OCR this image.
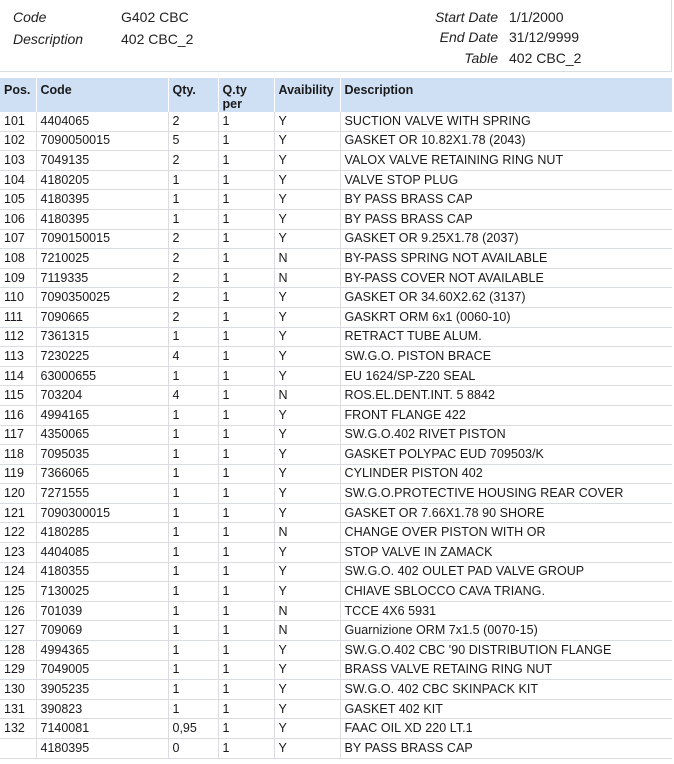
Code	G402 CBC
Description	402 CBC_2
Start Date 1/1/2000
End Date 31/12/9999
Table 402 CBC_2
Pos.	Code	Qty.	Q.ty per	Avaibility	Description
101	4404065	2	1	Y	SUCTION VALVE WITH SPRING
102	7090050015	5	1	Y	GASKET OR 10.82X1.78 (2043)
103	7049135	2	1	Y	VALOX VALVE RETAINING RING NUT
104	4180205	1	1	Y	VALVE STOP PLUG
105	4180395	1	1	Y	BY PASS BRASS CAP
106	4180395	1	1	Y	BY PASS BRASS CAP
107	7090150015	2	1	Y	GASKET OR 9.25X1.78 (2037)
108	7210025	2	1	N	BY-PASS SPRING NOT AVAILABLE
109	7119335	2	1	N	BY-PASS COVER NOT AVAILABLE
110	7090350025	2	1	Y	GASKET OR 34.60X2.62 (3137)
111	7090665	2	1	Y	GASKRT ORM 6x1 (0060-10)
112	7361315	1	1	Y	RETRACT TUBE ALUM.
113	7230225	4	1	Y	SW.G.O. PISTON BRACE
114	63000655	1	1	Y	EU 1624/SP-Z20 SEAL
115	703204	4	1	N	ROS.EL.DENT.INT. 5 8842
116	4994165	1	1	Y	FRONT FLANGE 422
117	4350065	1	1	Y	SW.G.O.402 RIVET PISTON
118	7095035	1	1	Y	GASKET POLYPAC EUD 709503/K
119	7366065	1	1	Y	CYLINDER PISTON 402
120	7271555	1	1	Y	SW.G.O.PROTECTIVE HOUSING REAR COVER
121	7090300015	1	1	Y	GASKET OR 7.66X1.78 90 SHORE
122	4180285	1	1	N	CHANGE OVER PISTON WITH OR
123	4404085	1	1	Y	STOP VALVE IN ZAMACK
124	4180355	1	1	Y	SW.G.O. 402 OULET PAD VALVE GROUP
125	7130025	1	1	Y	CHIAVE SBLOCCO CAVA TRIANG.
126	701039	1	1	N	TCCE 4X6 5931
127	709069	1	1	N	Guarnizione ORM 7x1.5 (0070-15)
128	4994365	1	1	Y	SW.G.O.402 CBC '90 DISTRIBUTION FLANGE
129	7049005	1	1	Y	BRASS VALVE RETAING RING NUT
130	3905235	1	1	Y	SW.G.O. 402 CBC SKINPACK KIT
131	390823	1	1	Y	GASKET 402 KIT
132	7140081	0,95	1	Y	FAAC OIL XD 220 LT.1
	4180395	0	1	Y	BY PASS BRASS CAP
